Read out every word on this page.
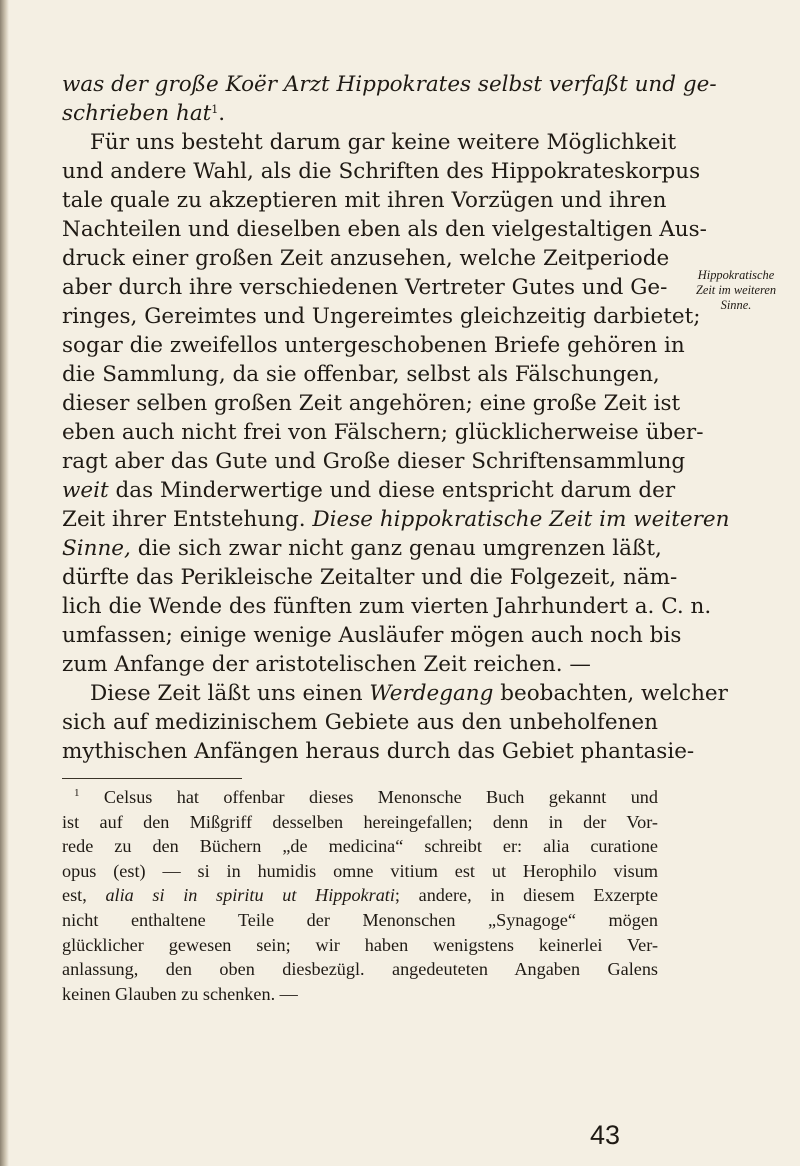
was der große Koër Arzt Hippokrates selbst verfaßt und ge-
schrieben hat$^1$.
Für uns besteht darum gar keine weitere Möglichkeit
und andere Wahl, als die Schriften des Hippokrateskorpus
tale quale zu akzeptieren mit ihren Vorzügen und ihren
Nachteilen und dieselben eben als den vielgestaltigen Aus-
druck einer großen Zeit anzusehen, welche Zeitperiode
aber durch ihre verschiedenen Vertreter Gutes und Ge-
ringes, Gereimtes und Ungereimtes gleichzeitig darbietet;
sogar die zweifellos untergeschobenen Briefe gehören in
die Sammlung, da sie offenbar, selbst als Fälschungen,
dieser selben großen Zeit angehören; eine große Zeit ist
eben auch nicht frei von Fälschern; glücklicherweise über-
ragt aber das Gute und Große dieser Schriftensammlung
weit das Minderwertige und diese entspricht darum der
Zeit ihrer Entstehung. Diese hippokratische Zeit im weiteren
Sinne, die sich zwar nicht ganz genau umgrenzen läßt,
dürfte das Perikleische Zeitalter und die Folgezeit, näm-
lich die Wende des fünften zum vierten Jahrhundert a. C. n.
umfassen; einige wenige Ausläufer mögen auch noch bis
zum Anfange der aristotelischen Zeit reichen. —
Diese Zeit läßt uns einen Werdegang beobachten, welcher
sich auf medizinischem Gebiete aus den unbeholfenen
mythischen Anfängen heraus durch das Gebiet phantasie-
$^1$ Celsus hat offenbar dieses Menonsche Buch gekannt und
ist auf den Mißgriff desselben hereingefallen; denn in der Vor-
rede zu den Büchern „de medicina“ schreibt er: alia curatione
opus (est) — si in humidis omne vitium est ut Herophilo visum
est, alia si in spiritu ut Hippokrati; andere, in diesem Exzerpte
nicht enthaltene Teile der Menonschen „Synagoge“ mögen
glücklicher gewesen sein; wir haben wenigstens keinerlei Ver-
anlassung, den oben diesbezügl. angedeuteten Angaben Galens
keinen Glauben zu schenken. —
Hippokratische
Zeit im weiteren
Sinne.
43
